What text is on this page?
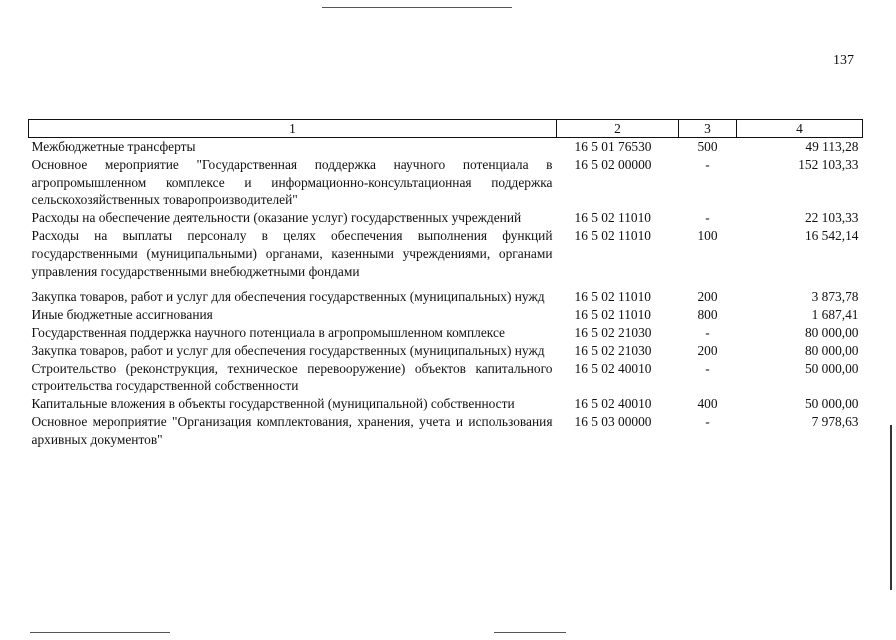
137
1	2	3	4
Межбюджетные трансферты	16 5 01 76530	500	49 113,28
Основное мероприятие "Государственная поддержка научного потенциала в агропромышленном комплексе и информационно-консультационная поддержка сельскохозяйственных товаропроизводителей"	16 5 02 00000	-	152 103,33
Расходы на обеспечение деятельности (оказание услуг) государственных учреждений	16 5 02 11010	-	22 103,33
Расходы на выплаты персоналу в целях обеспечения выполнения функций государственными (муниципальными) органами, казенными учреждениями, органами управления государственными внебюджетными фондами	16 5 02 11010	100	16 542,14
Закупка товаров, работ и услуг для обеспечения государственных (муниципальных) нужд	16 5 02 11010	200	3 873,78
Иные бюджетные ассигнования	16 5 02 11010	800	1 687,41
Государственная поддержка научного потенциала в агропромышленном комплексе	16 5 02 21030	-	80 000,00
Закупка товаров, работ и услуг для обеспечения государственных (муниципальных) нужд	16 5 02 21030	200	80 000,00
Строительство (реконструкция, техническое перевооружение) объектов капитального строительства государственной собственности	16 5 02 40010	-	50 000,00
Капитальные вложения в объекты государственной (муниципальной) собственности	16 5 02 40010	400	50 000,00
Основное мероприятие "Организация комплектования, хранения, учета и использования архивных документов"	16 5 03 00000	-	7 978,63
